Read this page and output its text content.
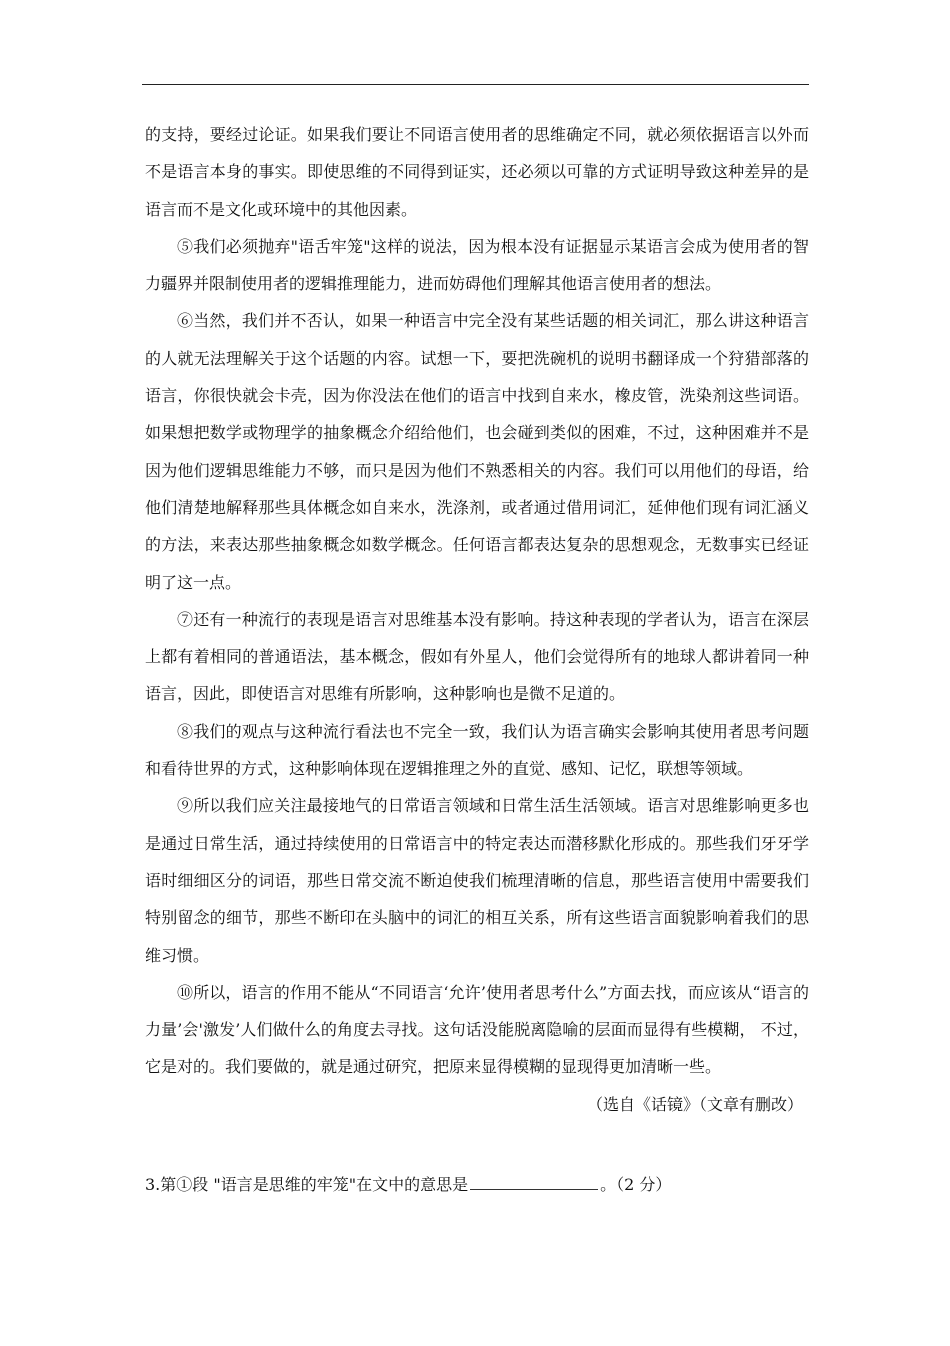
的支持，要经过论证。如果我们要让不同语言使用者的思维确定不同，就必须依据语言以外而不是语言本身的事实。即使思维的不同得到证实，还必须以可靠的方式证明导致这种差异的是语言而不是文化或环境中的其他因素。

⑤我们必须抛弃"语舌牢笼"这样的说法，因为根本没有证据显示某语言会成为使用者的智力疆界并限制使用者的逻辑推理能力，进而妨碍他们理解其他语言使用者的想法。

⑥当然，我们并不否认，如果一种语言中完全没有某些话题的相关词汇，那么讲这种语言的人就无法理解关于这个话题的内容。试想一下，要把洗碗机的说明书翻译成一个狩猎部落的语言，你很快就会卡壳，因为你没法在他们的语言中找到自来水，橡皮管，洗染剂这些词语。如果想把数学或物理学的抽象概念介绍给他们，也会碰到类似的困难，不过，这种困难并不是因为他们逻辑思维能力不够，而只是因为他们不熟悉相关的内容。我们可以用他们的母语，给他们清楚地解释那些具体概念如自来水，洗涤剂，或者通过借用词汇，延伸他们现有词汇涵义 的方法，来表达那些抽象概念如数学概念。任何语言都表达复杂的思想观念，无数事实已经证明了这一点。

⑦还有一种流行的表现是语言对思维基本没有影响。持这种表现的学者认为，语言在深层 上都有着相同的普通语法，基本概念，假如有外星人，他们会觉得所有的地球人都讲着同一种 语言，因此，即使语言对思维有所影响，这种影响也是微不足道的。

⑧我们的观点与这种流行看法也不完全一致，我们认为语言确实会影响其使用者思考问题和看待世界的方式，这种影响体现在逻辑推理之外的直觉、感知、记忆，联想等领域。

⑨所以我们应关注最接地气的日常语言领域和日常生活生活领域。语言对思维影响更多也是通过日常生活，通过持续使用的日常语言中的特定表达而潜移默化形成的。那些我们牙牙学语时细细区分的词语，那些日常交流不断迫使我们梳理清晰的信息，那些语言使用中需要我们特别留念的细节，那些不断印在头脑中的词汇的相互关系，所有这些语言面貌影响着我们的思 维习惯。

⑩所以，语言的作用不能从“不同语言‘允许’使用者思考什么”方面去找，而应该从“语言的力量’会'激发’人们做什么的角度去寻找。这句话没能脱离隐喻的层面而显得有些模糊， 不过，它是对的。我们要做的，就是通过研究，把原来显得模糊的显现得更加清晰一些。

（选自《话镜》（文章有删改）

3.第①段 "语言是思维的牢笼"在文中的意思是	。（2 分）
